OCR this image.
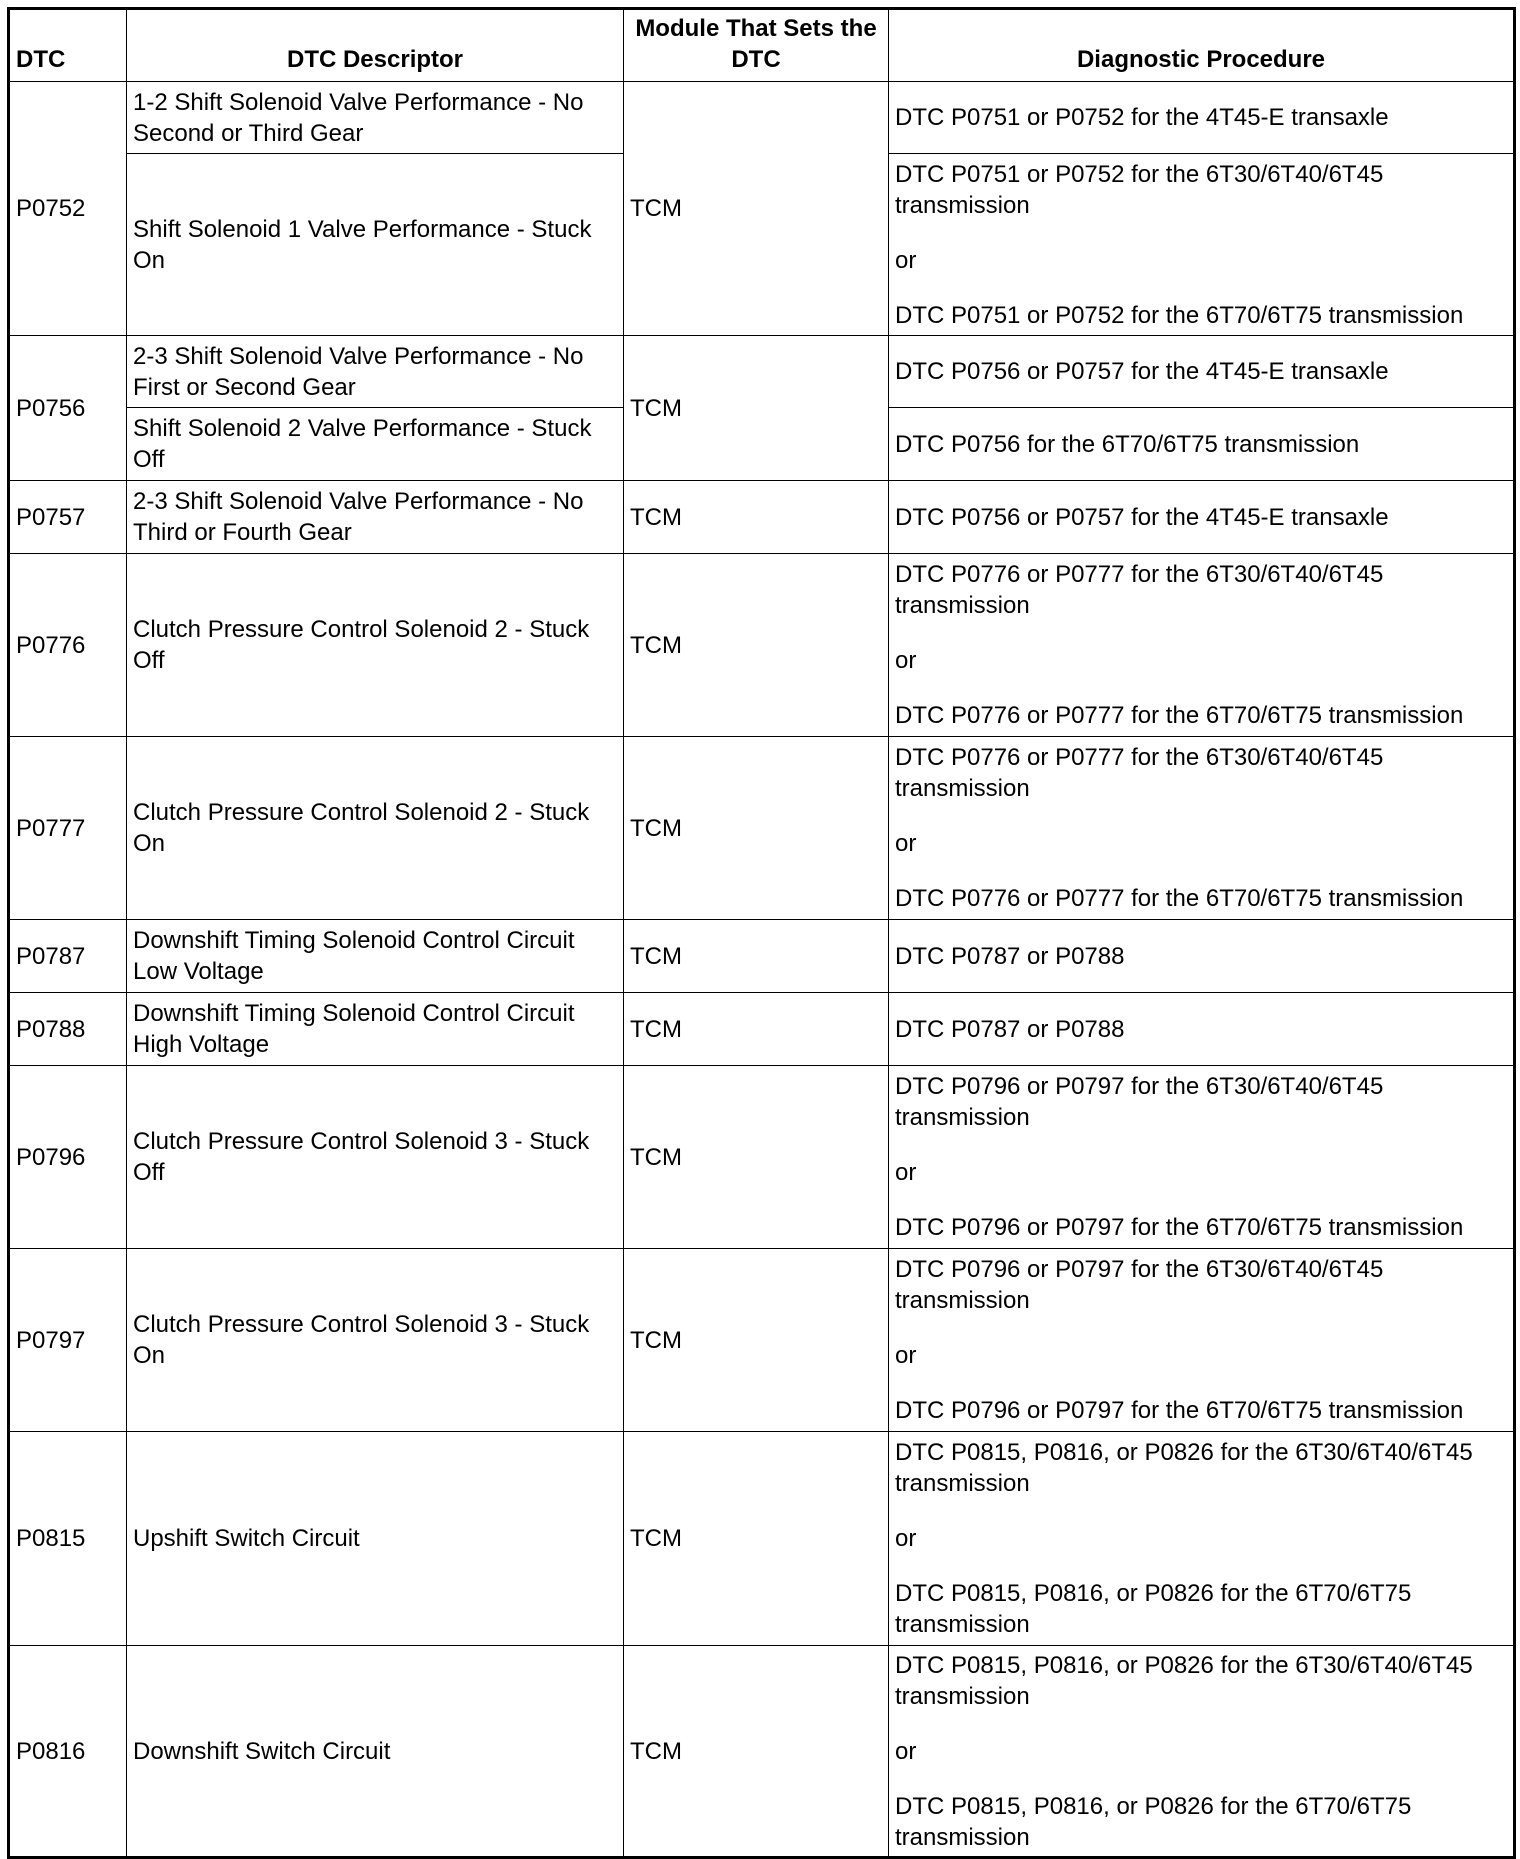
DTC	DTC Descriptor	Module That Sets the DTC	Diagnostic Procedure
P0752	1-2 Shift Solenoid Valve Performance - No Second or Third Gear	TCM	DTC P0751 or P0752 for the 4T45-E transaxle
	Shift Solenoid 1 Valve Performance - Stuck On		DTC P0751 or P0752 for the 6T30/6T40/6T45 transmission
or
DTC P0751 or P0752 for the 6T70/6T75 transmission

P0756	2-3 Shift Solenoid Valve Performance - No First or Second Gear	TCM	DTC P0756 or P0757 for the 4T45-E transaxle
	Shift Solenoid 2 Valve Performance - Stuck Off		DTC P0756 for the 6T70/6T75 transmission
P0757	2-3 Shift Solenoid Valve Performance - No Third or Fourth Gear	TCM	DTC P0756 or P0757 for the 4T45-E transaxle
P0776	Clutch Pressure Control Solenoid 2 - Stuck Off	TCM	DTC P0776 or P0777 for the 6T30/6T40/6T45 transmission
or
DTC P0776 or P0777 for the 6T70/6T75 transmission

P0777	Clutch Pressure Control Solenoid 2 - Stuck On	TCM	DTC P0776 or P0777 for the 6T30/6T40/6T45 transmission
or
DTC P0776 or P0777 for the 6T70/6T75 transmission

P0787	Downshift Timing Solenoid Control Circuit Low Voltage	TCM	DTC P0787 or P0788
P0788	Downshift Timing Solenoid Control Circuit High Voltage	TCM	DTC P0787 or P0788
P0796	Clutch Pressure Control Solenoid 3 - Stuck Off	TCM	DTC P0796 or P0797 for the 6T30/6T40/6T45 transmission
or
DTC P0796 or P0797 for the 6T70/6T75 transmission

P0797	Clutch Pressure Control Solenoid 3 - Stuck On	TCM	DTC P0796 or P0797 for the 6T30/6T40/6T45 transmission
or
DTC P0796 or P0797 for the 6T70/6T75 transmission

P0815	Upshift Switch Circuit	TCM	DTC P0815, P0816, or P0826 for the 6T30/6T40/6T45 transmission
or
DTC P0815, P0816, or P0826 for the 6T70/6T75 transmission

P0816	Downshift Switch Circuit	TCM	DTC P0815, P0816, or P0826 for the 6T30/6T40/6T45 transmission
or
DTC P0815, P0816, or P0826 for the 6T70/6T75 transmission
